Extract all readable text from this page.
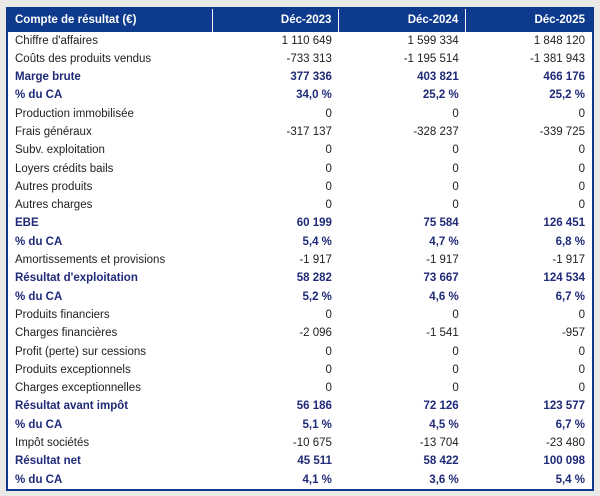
Compte de résultat (€)	Déc-2023	Déc-2024	Déc-2025
Chiffre d'affaires	1 110 649	1 599 334	1 848 120
Coûts des produits vendus	-733 313	-1 195 514	-1 381 943
Marge brute	377 336	403 821	466 176
% du CA	34,0 %	25,2 %	25,2 %
Production immobilisée	0	0	0
Frais généraux	-317 137	-328 237	-339 725
Subv. exploitation	0	0	0
Loyers crédits bails	0	0	0
Autres produits	0	0	0
Autres charges	0	0	0
EBE	60 199	75 584	126 451
% du CA	5,4 %	4,7 %	6,8 %
Amortissements et provisions	-1 917	-1 917	-1 917
Résultat d'exploitation	58 282	73 667	124 534
% du CA	5,2 %	4,6 %	6,7 %
Produits financiers	0	0	0
Charges financières	-2 096	-1 541	-957
Profit (perte) sur cessions	0	0	0
Produits exceptionnels	0	0	0
Charges exceptionnelles	0	0	0
Résultat avant impôt	56 186	72 126	123 577
% du CA	5,1 %	4,5 %	6,7 %
Impôt sociétés	-10 675	-13 704	-23 480
Résultat net	45 511	58 422	100 098
% du CA	4,1 %	3,6 %	5,4 %
